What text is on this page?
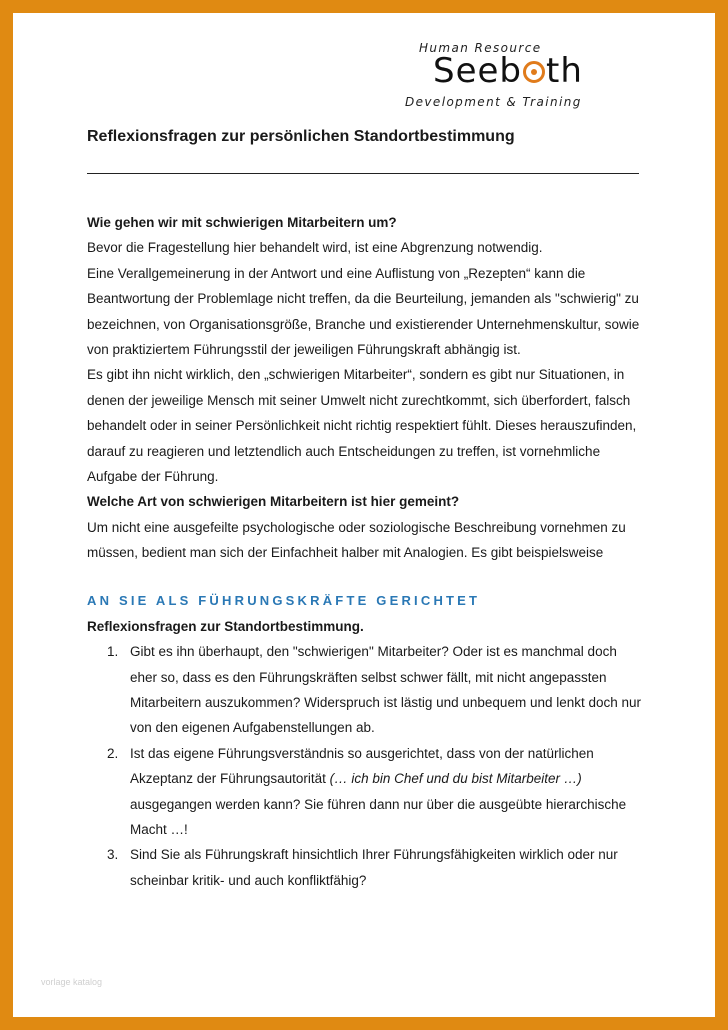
Human Resource
Seeb th
Development & Training
Reflexionsfragen zur persönlichen Standortbestimmung

Wie gehen wir mit schwierigen Mitarbeitern um?

Bevor die Fragestellung hier behandelt wird, ist eine Abgrenzung notwendig.

Eine Verallgemeinerung in der Antwort und eine Auflistung von „Rezepten“ kann die Beantwortung der Problemlage nicht treffen, da die Beurteilung, jemanden als "schwierig" zu bezeichnen, von Organisationsgröße, Branche und existierender Unternehmenskultur, sowie von praktiziertem Führungsstil der jeweiligen Führungskraft abhängig ist.

Es gibt ihn nicht wirklich, den „schwierigen Mitarbeiter“, sondern es gibt nur Situationen, in denen der jeweilige Mensch mit seiner Umwelt nicht zurechtkommt, sich überfordert, falsch behandelt oder in seiner Persönlichkeit nicht richtig respektiert fühlt. Dieses herauszufinden, darauf zu reagieren und letztendlich auch Entscheidungen zu treffen, ist vornehmliche Aufgabe der Führung.

Welche Art von schwierigen Mitarbeitern ist hier gemeint?

Um nicht eine ausgefeilte psychologische oder soziologische Beschreibung vornehmen zu müssen, bedient man sich der Einfachheit halber mit Analogien. Es gibt beispielsweise

AN SIE ALS FÜHRUNGSKRÄFTE GERICHTET

Reflexionsfragen zur Standortbestimmung.

1. Gibt es ihn überhaupt, den "schwierigen" Mitarbeiter? Oder ist es manchmal doch eher so, dass es den Führungskräften selbst schwer fällt, mit nicht angepassten Mitarbeitern auszukommen? Widerspruch ist lästig und unbequem und lenkt doch nur von den eigenen Aufgabenstellungen ab.
2. Ist das eigene Führungsverständnis so ausgerichtet, dass von der natürlichen Akzeptanz der Führungsautorität (… ich bin Chef und du bist Mitarbeiter …) ausgegangen werden kann? Sie führen dann nur über die ausgeübte hierarchische Macht …!
3. Sind Sie als Führungskraft hinsichtlich Ihrer Führungsfähigkeiten wirklich oder nur scheinbar kritik- und auch konfliktfähig?
vorlage katalog
